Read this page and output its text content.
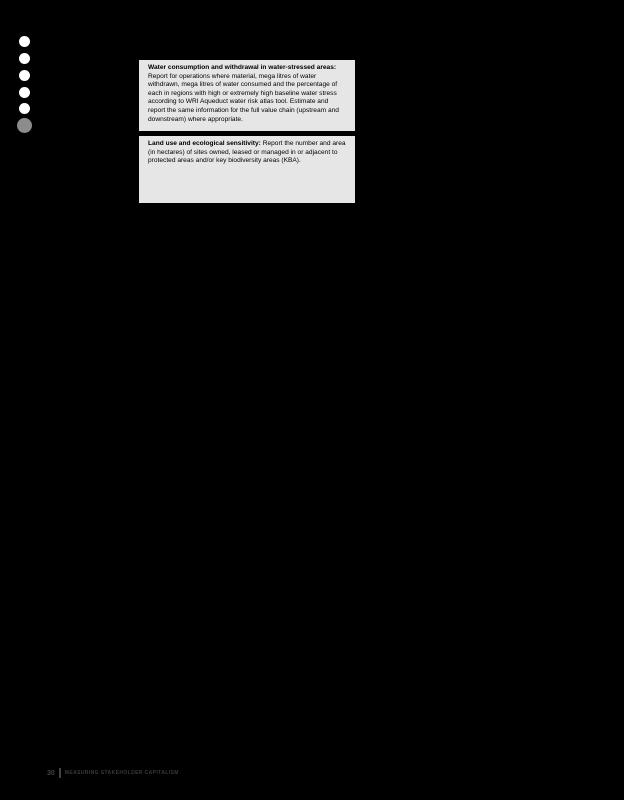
Water consumption and withdrawal in water-stressed areas: Report for operations where material, mega litres of water withdrawn, mega litres of water consumed and the percentage of each in regions with high or extremely high baseline water stress according to WRI Aqueduct water risk atlas tool. Estimate and report the same information for the full value chain (upstream and downstream) where appropriate.
Land use and ecological sensitivity: Report the number and area (in hectares) of sites owned, leased or managed in or adjacent to protected areas and/or key biodiversity areas (KBA).
30 MEASURING STAKEHOLDER CAPITALISM
